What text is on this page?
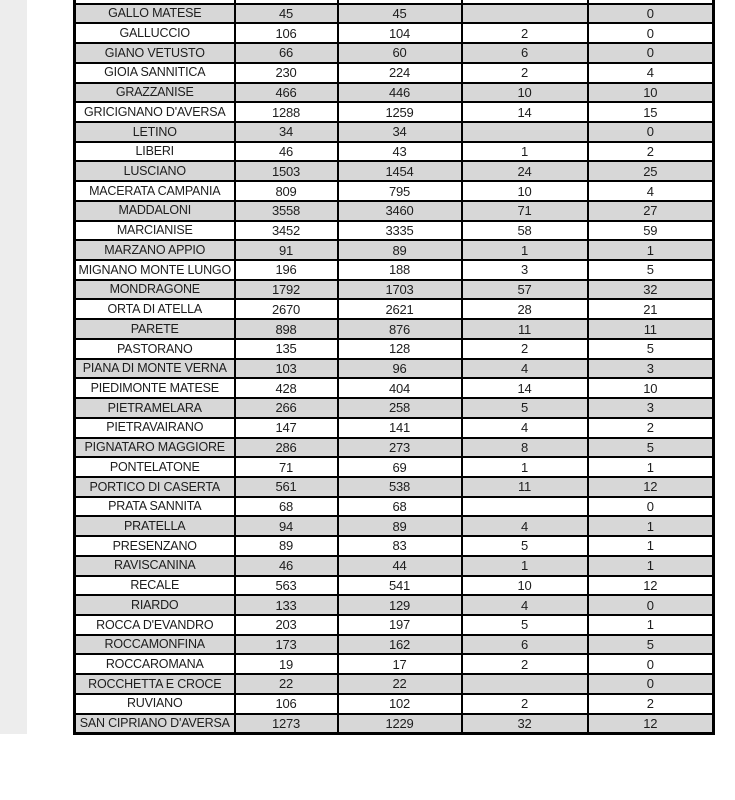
GALLO MATESE	45	45		0
GALLUCCIO	106	104	2	0
GIANO VETUSTO	66	60	6	0
GIOIA SANNITICA	230	224	2	4
GRAZZANISE	466	446	10	10
GRICIGNANO D'AVERSA	1288	1259	14	15
LETINO	34	34		0
LIBERI	46	43	1	2
LUSCIANO	1503	1454	24	25
MACERATA CAMPANIA	809	795	10	4
MADDALONI	3558	3460	71	27
MARCIANISE	3452	3335	58	59
MARZANO APPIO	91	89	1	1
MIGNANO MONTE LUNGO	196	188	3	5
MONDRAGONE	1792	1703	57	32
ORTA DI ATELLA	2670	2621	28	21
PARETE	898	876	11	11
PASTORANO	135	128	2	5
PIANA DI MONTE VERNA	103	96	4	3
PIEDIMONTE MATESE	428	404	14	10
PIETRAMELARA	266	258	5	3
PIETRAVAIRANO	147	141	4	2
PIGNATARO MAGGIORE	286	273	8	5
PONTELATONE	71	69	1	1
PORTICO DI CASERTA	561	538	11	12
PRATA SANNITA	68	68		0
PRATELLA	94	89	4	1
PRESENZANO	89	83	5	1
RAVISCANINA	46	44	1	1
RECALE	563	541	10	12
RIARDO	133	129	4	0
ROCCA D'EVANDRO	203	197	5	1
ROCCAMONFINA	173	162	6	5
ROCCAROMANA	19	17	2	0
ROCCHETTA E CROCE	22	22		0
RUVIANO	106	102	2	2
SAN CIPRIANO D'AVERSA	1273	1229	32	12
